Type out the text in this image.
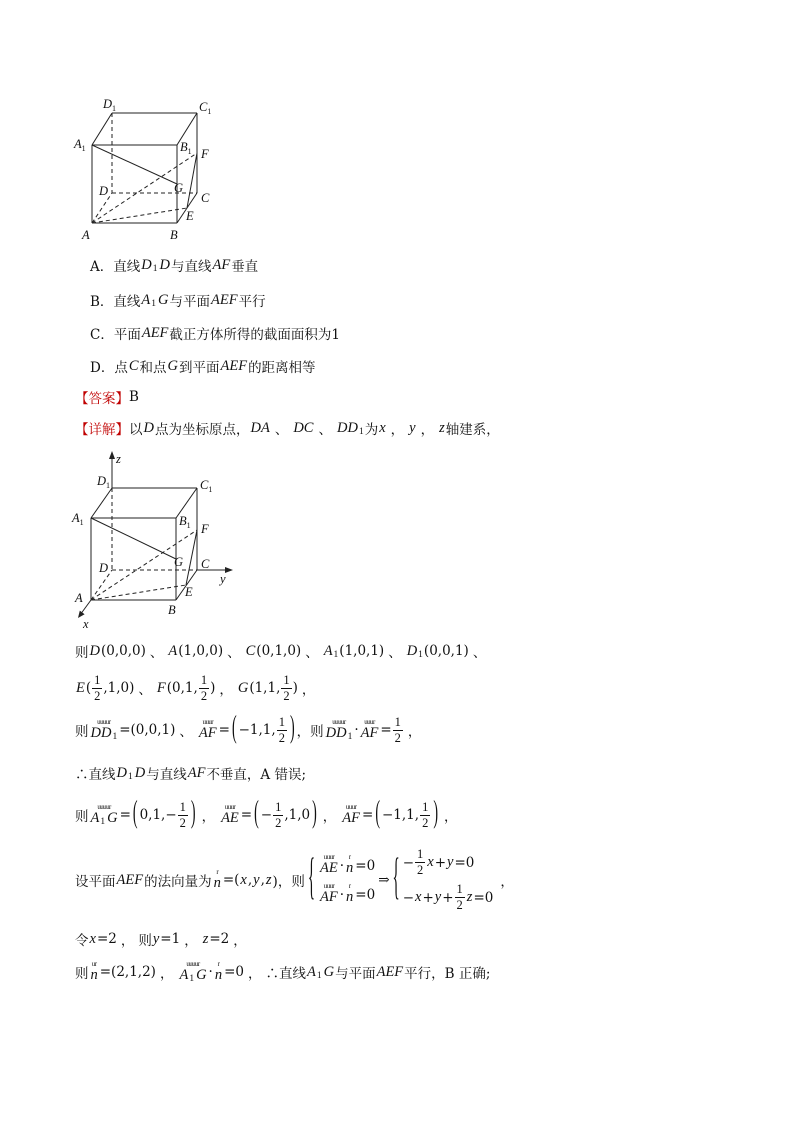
$D_1$	$C_1$
$A_1$	$B_1$ F
D	G
C
E
A	B
A．直线 D 1 D 与直线 AF 垂直
B．直线 A 1 G 与平面 AEF 平行
C．平面 AEF 截正方体所得的截面面积为1
D．点 C 和点 G 到平面 AEF 的距离相等
【答案】 B
【详解】 以 D 点为坐标原点， DA 、 DC 、 DD 1 为 x ， y ， z 轴建系，
z
$D_1$	$C_1$
$A_1$	$B_1$ F
G
D	C
y
A	E
B
x
则 D (0,0,0) 、 A (1,0,0) 、 C (0,1,0) 、 A 1 (1,0,1) 、 D 1 (0,0,1) 、
E ( $\frac{1}{2} ,1,0$) 、 F (0,1, $\frac{1}{2}$ ) ， G (1,1, $\frac{1}{2}$ ) ，
则
uuuur
DD 1 =(0,0,1) 、
uuur
AF = ( −1,1, $\frac{1}{2}$ ) ，则
uuuur
DD 1 ·
uuur
AF = $\frac{1}{2}$ ，
∴直线 D 1 D 与直线 AF 不垂直，A 错误;
则
uuuur
A 1 G = ( $0,1,- \frac{1}{2}$ ) ，
uuur
AE = ( − $\frac{1}{2} ,1,0$ ) ，
uuur
AF = ( −1,1, $\frac{1}{2}$ ) ，
设平面 AEF 的法向量为
r
n =( x , y , z )，则 { uuur
AE ·
r
n =0
uuur
AF ·
r
n =0
⇒ { − $\frac{1}{2}$ x + y =0
− $x + y + \frac{1}{2}$ z =0
，
令 x =2 ， 则 y =1 ， z =2 ，
则
ur
n =(2,1,2) ，
uuuur
A 1 G ·
r
n =0 ， ∴直线 A 1 G 与平面 AEF 平行，B 正确;
